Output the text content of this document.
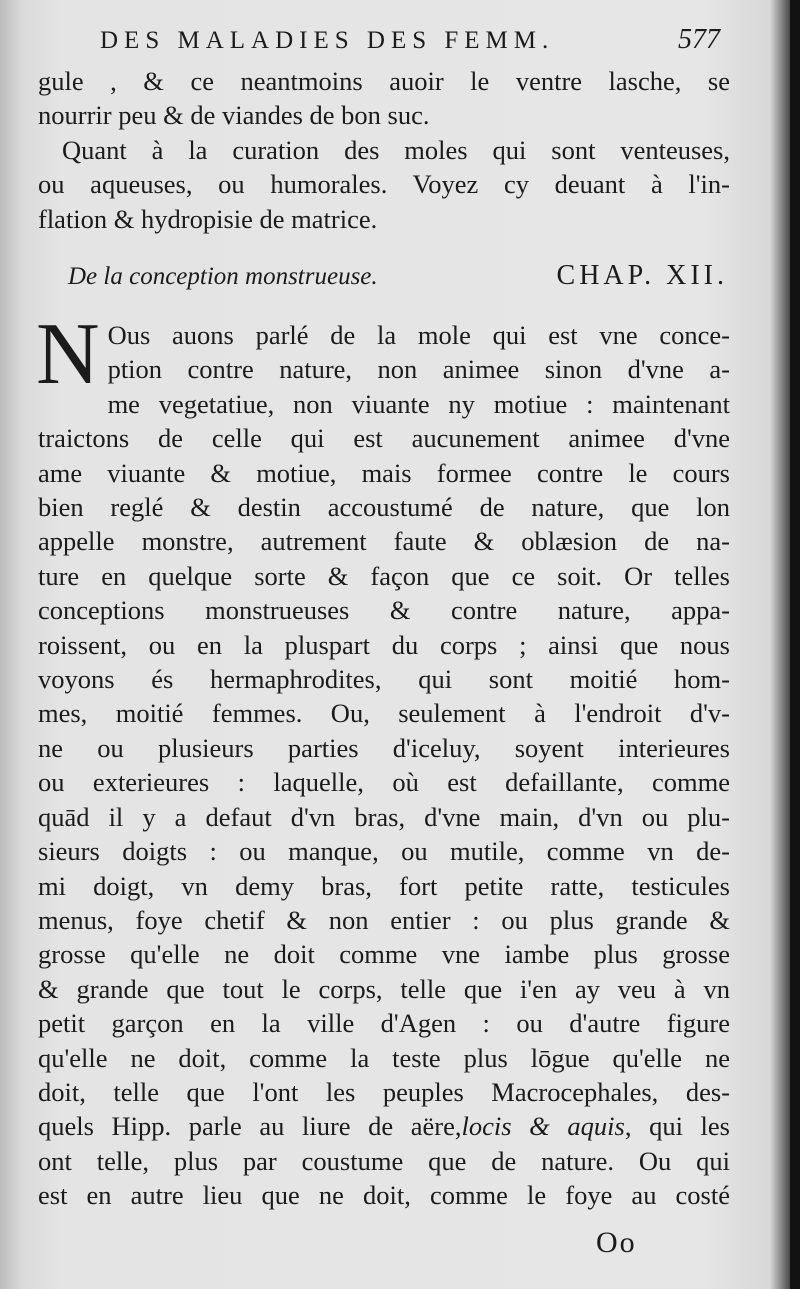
DES MALADIES DES FEMM.	577
gule , & ce neantmoins auoir le ventre lasche, se
nourrir peu & de viandes de bon suc.
Quant à la curation des moles qui sont venteuses,
ou aqueuses, ou humorales. Voyez cy deuant à l'in-
flation & hydropisie de matrice.
De la conception monstrueuse.	CHAP. XII.
N Ous auons parlé de la mole qui est vne conce-
ption contre nature, non animee sinon d'vne a-
me vegetatiue, non viuante ny motiue : maintenant
traictons de celle qui est aucunement animee d'vne
ame viuante & motiue, mais formee contre le cours
bien reglé & destin accoustumé de nature, que lon
appelle monstre, autrement faute & oblæsion de na-
ture en quelque sorte & façon que ce soit. Or telles
conceptions monstrueuses & contre nature, appa-
roissent, ou en la pluspart du corps ; ainsi que nous
voyons és hermaphrodites, qui sont moitié hom-
mes, moitié femmes. Ou, seulement à l'endroit d'v-
ne ou plusieurs parties d'iceluy, soyent interieures
ou exterieures : laquelle, où est defaillante, comme
quād il y a defaut d'vn bras, d'vne main, d'vn ou plu-
sieurs doigts : ou manque, ou mutile, comme vn de-
mi doigt, vn demy bras, fort petite ratte, testicules
menus, foye chetif & non entier : ou plus grande &
grosse qu'elle ne doit comme vne iambe plus grosse
& grande que tout le corps, telle que i'en ay veu à vn
petit garçon en la ville d'Agen : ou d'autre figure
qu'elle ne doit, comme la teste plus lōgue qu'elle ne
doit, telle que l'ont les peuples Macrocephales, des-
quels Hipp. parle au liure de aëre,locis & aquis, qui les
ont telle, plus par coustume que de nature. Ou qui
est en autre lieu que ne doit, comme le foye au costé
Oo
